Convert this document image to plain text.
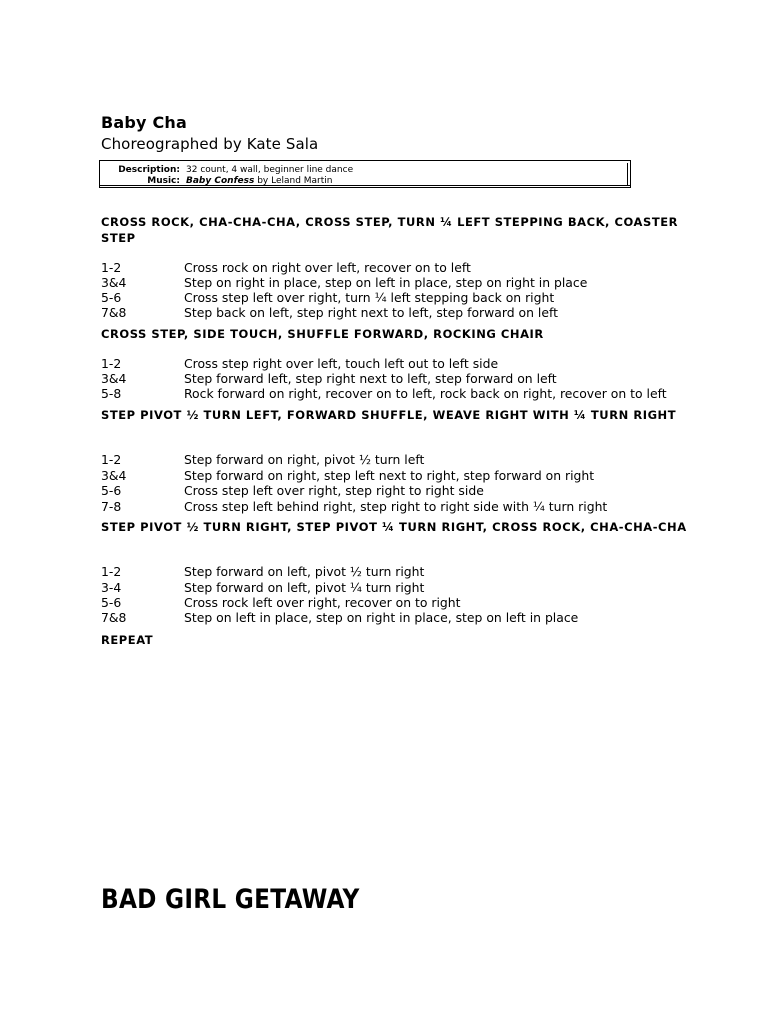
Baby Cha
Choreographed by Kate Sala
Description: 32 count, 4 wall, beginner line dance
Music: Baby Confess by Leland Martin
CROSS ROCK, CHA-CHA-CHA, CROSS STEP, TURN ¼ LEFT STEPPING BACK, COASTER STEP
1-2	Cross rock on right over left, recover on to left
3&4	Step on right in place, step on left in place, step on right in place
5-6	Cross step left over right, turn ¼ left stepping back on right
7&8	Step back on left, step right next to left, step forward on left
CROSS STEP, SIDE TOUCH, SHUFFLE FORWARD, ROCKING CHAIR
1-2	Cross step right over left, touch left out to left side
3&4	Step forward left, step right next to left, step forward on left
5-8	Rock forward on right, recover on to left, rock back on right, recover on to left
STEP PIVOT ½ TURN LEFT, FORWARD SHUFFLE, WEAVE RIGHT WITH ¼ TURN RIGHT
1-2	Step forward on right, pivot ½ turn left
3&4	Step forward on right, step left next to right, step forward on right
5-6	Cross step left over right, step right to right side
7-8	Cross step left behind right, step right to right side with ¼ turn right
STEP PIVOT ½ TURN RIGHT, STEP PIVOT ¼ TURN RIGHT, CROSS ROCK, CHA-CHA-CHA
1-2	Step forward on left, pivot ½ turn right
3-4	Step forward on left, pivot ¼ turn right
5-6	Cross rock left over right, recover on to right
7&8	Step on left in place, step on right in place, step on left in place
REPEAT
BAD GIRL GETAWAY
